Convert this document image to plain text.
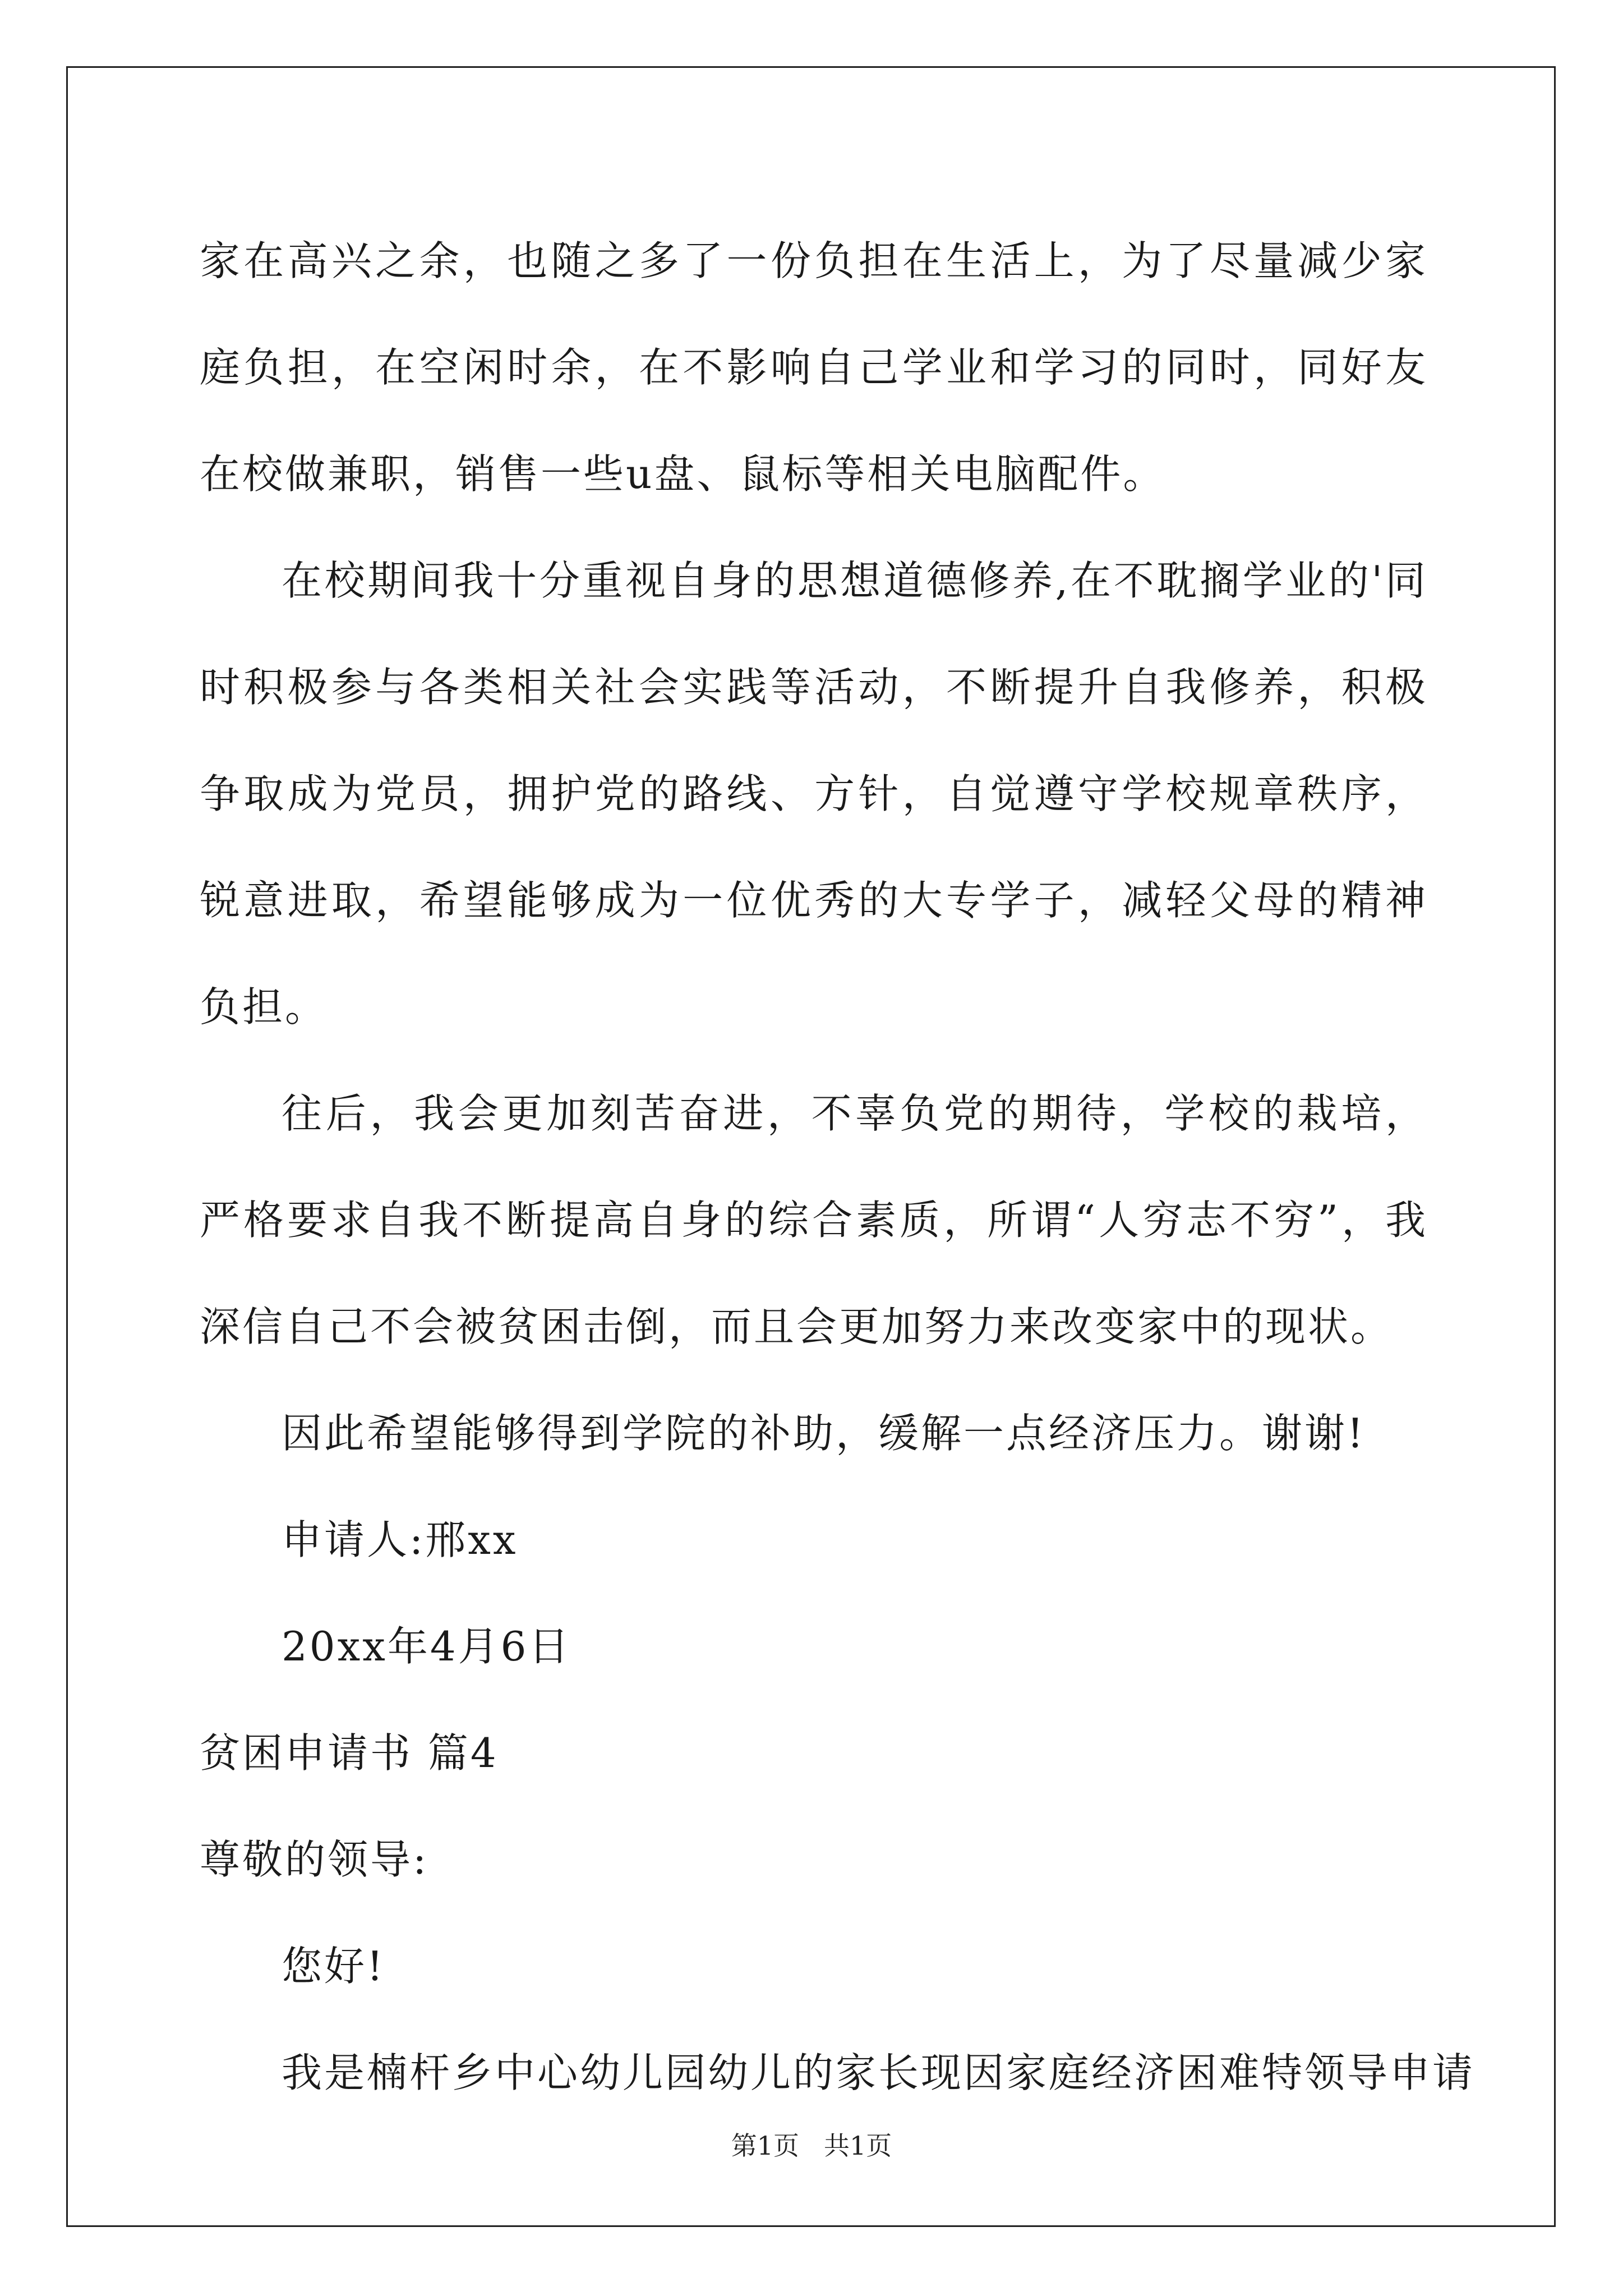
家在高兴之余，也随之多了一份负担在生活上，为了尽量减少家庭负担，在空闲时余，在不影响自己学业和学习的同时，同好友在校做兼职，销售一些u盘、鼠标等相关电脑配件。

在校期间我十分重视自身的思想道德修养,在不耽搁学业的'同时积极参与各类相关社会实践等活动，不断提升自我修养，积极争取成为党员，拥护党的路线、方针，自觉遵守学校规章秩序，锐意进取，希望能够成为一位优秀的大专学子，减轻父母的精神负担。

往后，我会更加刻苦奋进，不辜负党的期待，学校的栽培，严格要求自我不断提高自身的综合素质，所谓“人穷志不穷”，我深信自己不会被贫困击倒，而且会更加努力来改变家中的现状。

因此希望能够得到学院的补助，缓解一点经济压力。谢谢!

申请人:邢xx

20xx年4月6日

贫困申请书 篇4

尊敬的领导:

您好!

我是楠杆乡中心幼儿园幼儿的家长现因家庭经济困难特领导申请

第1页 共1页
